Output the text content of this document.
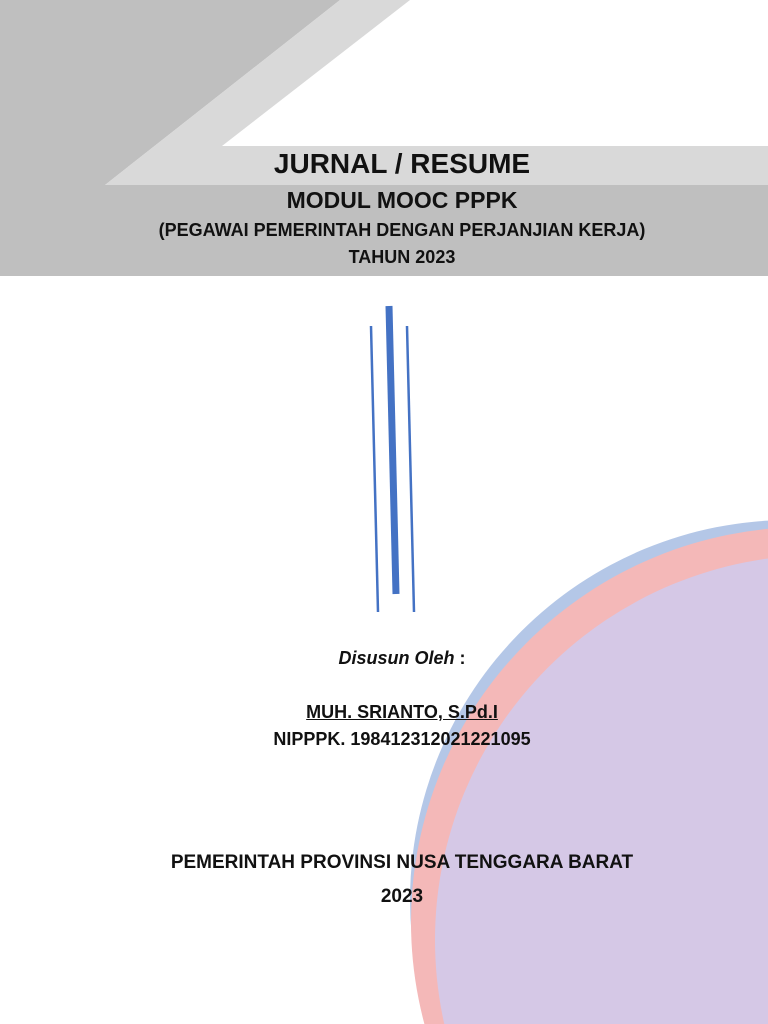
JURNAL / RESUME
MODUL MOOC PPPK
(PEGAWAI PEMERINTAH DENGAN PERJANJIAN KERJA)
TAHUN 2023
Disusun Oleh :
MUH. SRIANTO, S.Pd.I
NIPPPK. 198412312021221095
PEMERINTAH PROVINSI NUSA TENGGARA BARAT
2023
